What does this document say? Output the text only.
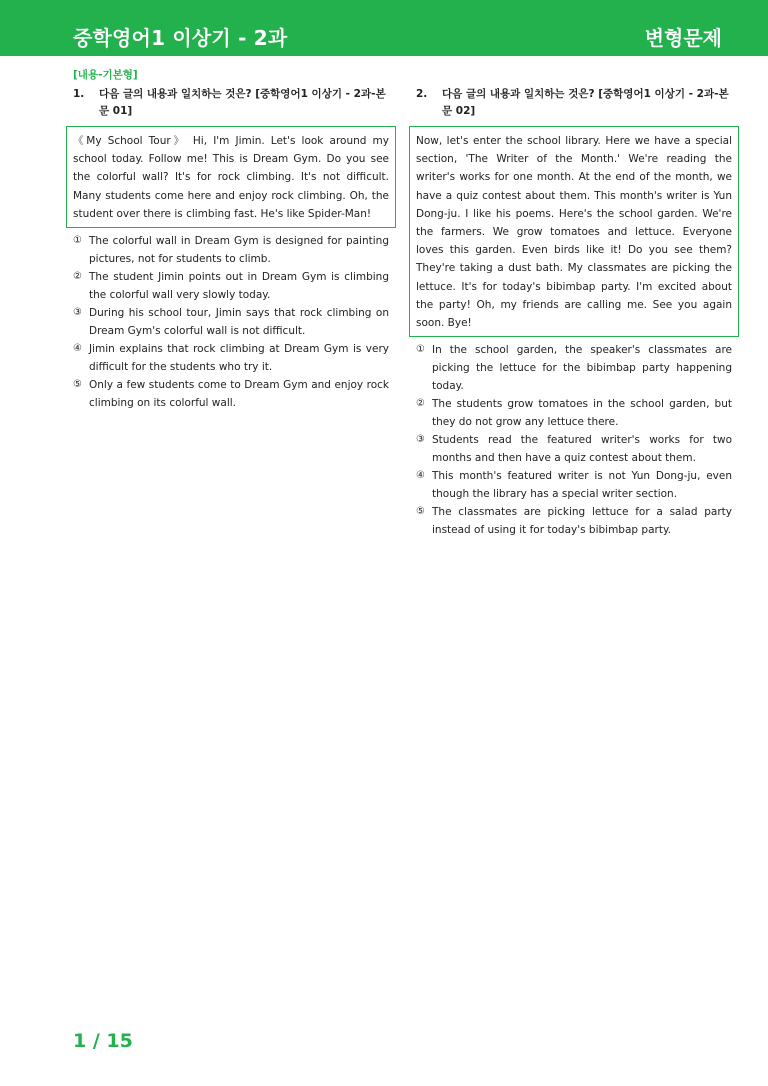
중학영어1 이상기 - 2과	변형문제
[내용-기본형]
1.	다음 글의 내용과 일치하는 것은? [중학영어1 이상기 - 2과-본문 01]
《My School Tour》 Hi, I'm Jimin. Let's look around my school today. Follow me! This is Dream Gym. Do you see the colorful wall? It's for rock climbing. It's not difficult. Many students come here and enjoy rock climbing. Oh, the student over there is climbing fast. He's like Spider-Man!
① The colorful wall in Dream Gym is designed for painting pictures, not for students to climb.
② The student Jimin points out in Dream Gym is climbing the colorful wall very slowly today.
③ During his school tour, Jimin says that rock climbing on Dream Gym's colorful wall is not difficult.
④ Jimin explains that rock climbing at Dream Gym is very difficult for the students who try it.
⑤ Only a few students come to Dream Gym and enjoy rock climbing on its colorful wall.
2.	다음 글의 내용과 일치하는 것은? [중학영어1 이상기 - 2과-본문 02]
Now, let's enter the school library. Here we have a special section, 'The Writer of the Month.' We're reading the writer's works for one month. At the end of the month, we have a quiz contest about them. This month's writer is Yun Dong-ju. I like his poems. Here's the school garden. We're the farmers. We grow tomatoes and lettuce. Everyone loves this garden. Even birds like it! Do you see them? They're taking a dust bath. My classmates are picking the lettuce. It's for today's bibimbap party. I'm excited about the party! Oh, my friends are calling me. See you again soon. Bye!
① In the school garden, the speaker's classmates are picking the lettuce for the bibimbap party happening today.
② The students grow tomatoes in the school garden, but they do not grow any lettuce there.
③ Students read the featured writer's works for two months and then have a quiz contest about them.
④ This month's featured writer is not Yun Dong-ju, even though the library has a special writer section.
⑤ The classmates are picking lettuce for a salad party instead of using it for today's bibimbap party.
1 / 15
